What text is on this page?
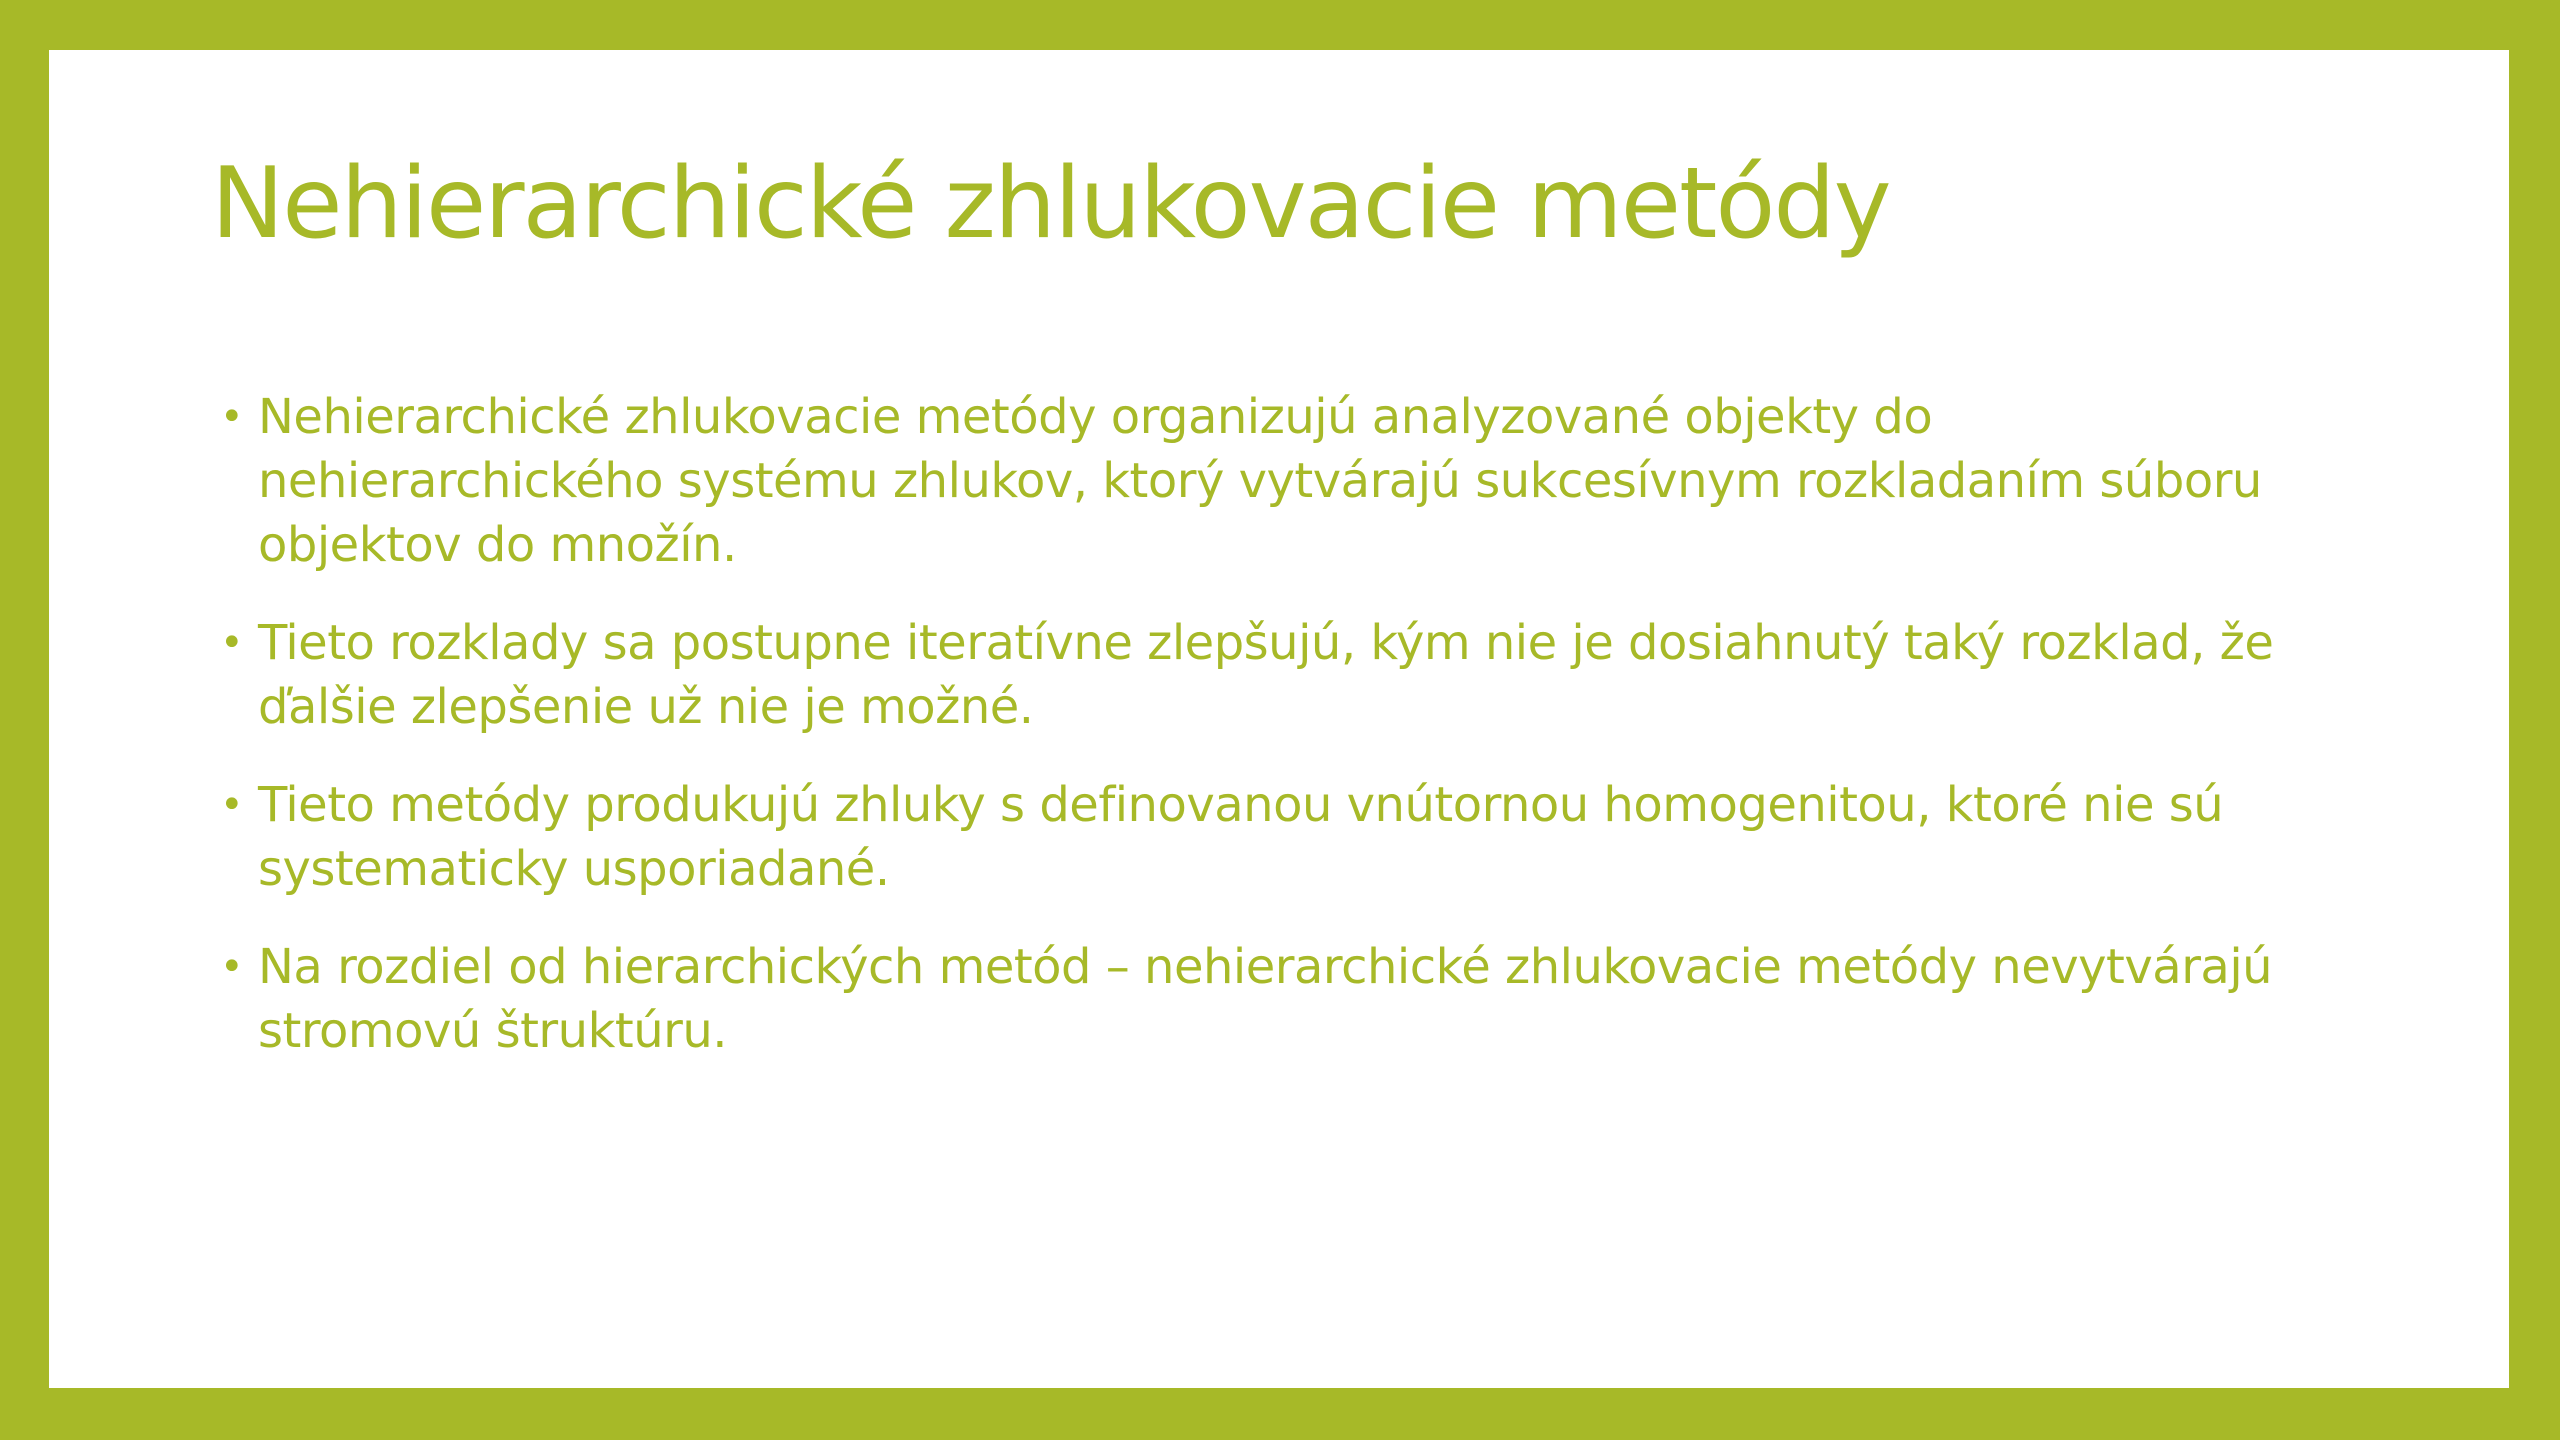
Nehierarchické zhlukovacie metódy
• Nehierarchické zhlukovacie metódy organizujú analyzované objekty do nehierarchického systému zhlukov, ktorý vytvárajú sukcesívnym rozkladaním súboru objektov do množín.
• Tieto rozklady sa postupne iteratívne zlepšujú, kým nie je dosiahnutý taký rozklad, že ďalšie zlepšenie už nie je možné.
• Tieto metódy produkujú zhluky s definovanou vnútornou homogenitou, ktoré nie sú systematicky usporiadané.
• Na rozdiel od hierarchických metód – nehierarchické zhlukovacie metódy nevytvárajú stromovú štruktúru.
